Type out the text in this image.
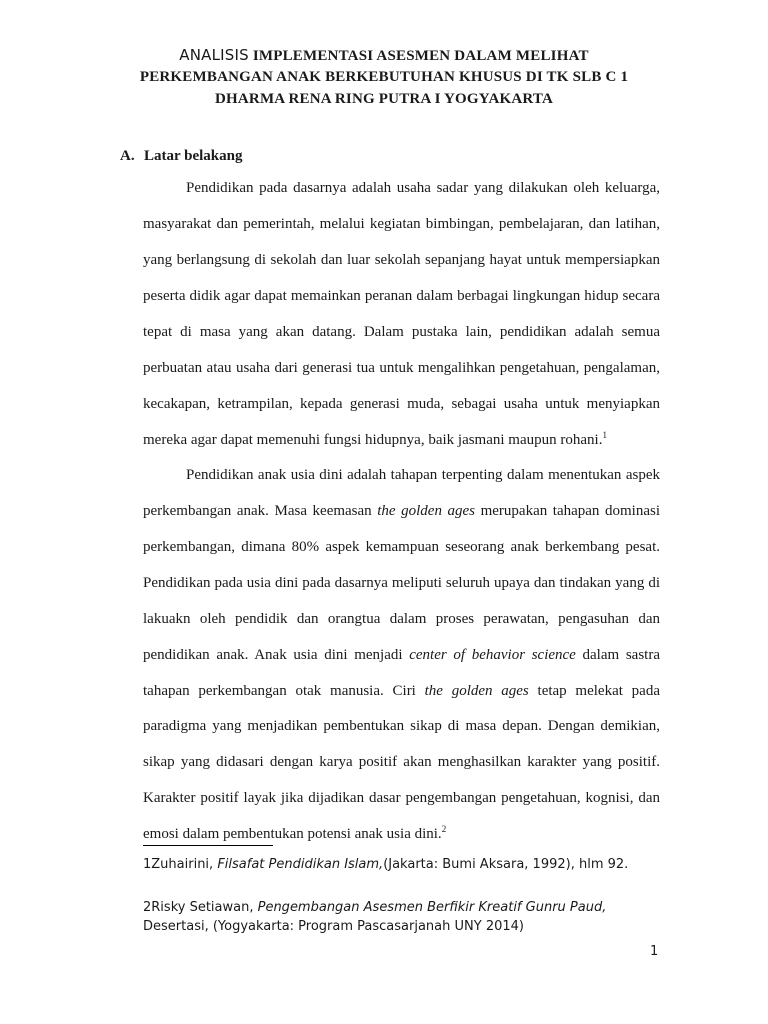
ANALISIS IMPLEMENTASI ASESMEN DALAM MELIHAT
PERKEMBANGAN ANAK BERKEBUTUHAN KHUSUS DI TK SLB C 1
DHARMA RENA RING PUTRA I YOGYAKARTA
A. Latar belakang
Pendidikan pada dasarnya adalah usaha sadar yang dilakukan oleh keluarga,
masyarakat dan pemerintah, melalui kegiatan bimbingan, pembelajaran, dan latihan,
yang berlangsung di sekolah dan luar sekolah sepanjang hayat untuk mempersiapkan
peserta didik agar dapat memainkan peranan dalam berbagai lingkungan hidup secara
tepat di masa yang akan datang. Dalam pustaka lain, pendidikan adalah semua
perbuatan atau usaha dari generasi tua untuk mengalihkan pengetahuan, pengalaman,
kecakapan, ketrampilan, kepada generasi muda, sebagai usaha untuk menyiapkan
mereka agar dapat memenuhi fungsi hidupnya, baik jasmani maupun rohani.$^1$
Pendidikan anak usia dini adalah tahapan terpenting dalam menentukan aspek
perkembangan anak. Masa keemasan the golden ages merupakan tahapan dominasi
perkembangan, dimana 80% aspek kemampuan seseorang anak berkembang pesat.
Pendidikan pada usia dini pada dasarnya meliputi seluruh upaya dan tindakan yang di
lakuakn oleh pendidik dan orangtua dalam proses perawatan, pengasuhan dan
pendidikan anak. Anak usia dini menjadi center of behavior science dalam sastra
tahapan perkembangan otak manusia. Ciri the golden ages tetap melekat pada
paradigma yang menjadikan pembentukan sikap di masa depan. Dengan demikian,
sikap yang didasari dengan karya positif akan menghasilkan karakter yang positif.
Karakter positif layak jika dijadikan dasar pengembangan pengetahuan, kognisi, dan
emosi dalam pembentukan potensi anak usia dini.$^2$
1Zuhairini, Filsafat Pendidikan Islam,(Jakarta: Bumi Aksara, 1992), hlm 92.
2Risky Setiawan, Pengembangan Asesmen Berfikir Kreatif Gunru Paud,
Desertasi, (Yogyakarta: Program Pascasarjanah UNY 2014)
1
